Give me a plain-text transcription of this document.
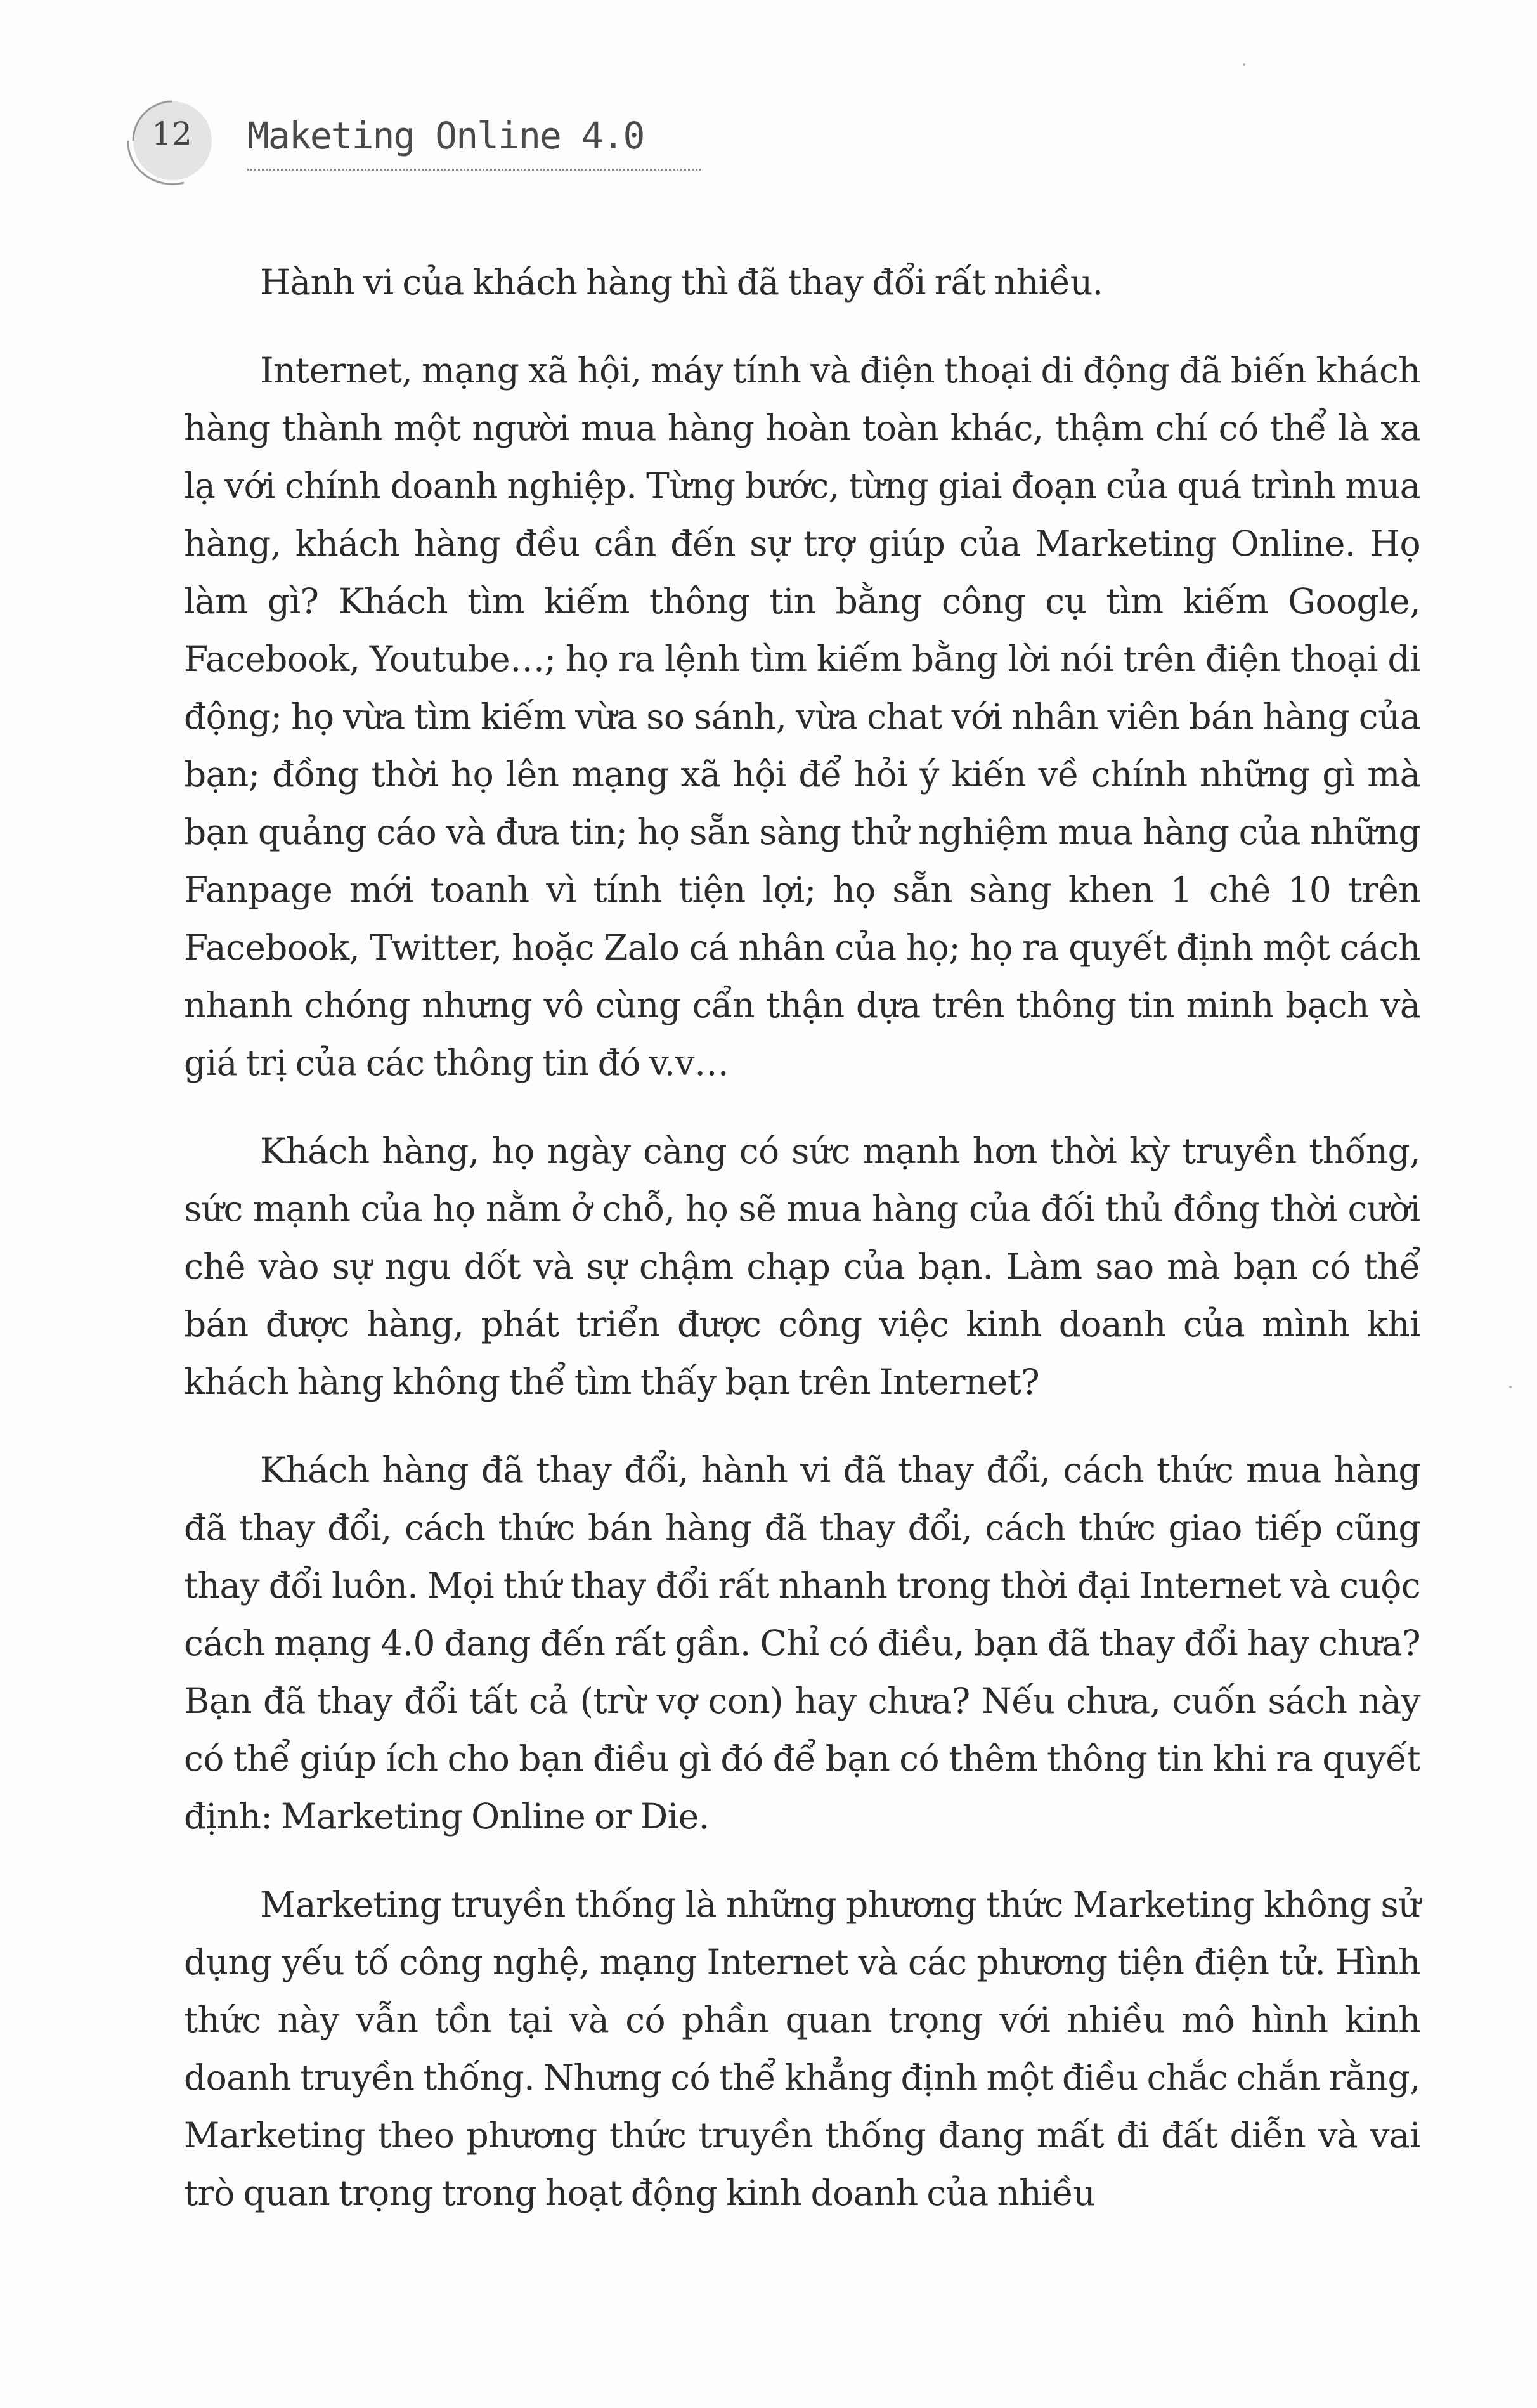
12	Maketing Online 4.0

Hành vi của khách hàng thì đã thay đổi rất nhiều.

Internet, mạng xã hội, máy tính và điện thoại di động đã biến khách hàng thành một người mua hàng hoàn toàn khác, thậm chí có thể là xa lạ với chính doanh nghiệp. Từng bước, từng giai đoạn của quá trình mua hàng, khách hàng đều cần đến sự trợ giúp của Marketing Online. Họ làm gì? Khách tìm kiếm thông tin bằng công cụ tìm kiếm Google, Facebook, Youtube…; họ ra lệnh tìm kiếm bằng lời nói trên điện thoại di động; họ vừa tìm kiếm vừa so sánh, vừa chat với nhân viên bán hàng của bạn; đồng thời họ lên mạng xã hội để hỏi ý kiến về chính những gì mà bạn quảng cáo và đưa tin; họ sẵn sàng thử nghiệm mua hàng của những Fanpage mới toanh vì tính tiện lợi; họ sẵn sàng khen 1 chê 10 trên Facebook, Twitter, hoặc Zalo cá nhân của họ; họ ra quyết định một cách nhanh chóng nhưng vô cùng cẩn thận dựa trên thông tin minh bạch và giá trị của các thông tin đó v.v…

Khách hàng, họ ngày càng có sức mạnh hơn thời kỳ truyền thống, sức mạnh của họ nằm ở chỗ, họ sẽ mua hàng của đối thủ đồng thời cười chê vào sự ngu dốt và sự chậm chạp của bạn. Làm sao mà bạn có thể bán được hàng, phát triển được công việc kinh doanh của mình khi khách hàng không thể tìm thấy bạn trên Internet?

Khách hàng đã thay đổi, hành vi đã thay đổi, cách thức mua hàng đã thay đổi, cách thức bán hàng đã thay đổi, cách thức giao tiếp cũng thay đổi luôn. Mọi thứ thay đổi rất nhanh trong thời đại Internet và cuộc cách mạng 4.0 đang đến rất gần. Chỉ có điều, bạn đã thay đổi hay chưa? Bạn đã thay đổi tất cả (trừ vợ con) hay chưa? Nếu chưa, cuốn sách này có thể giúp ích cho bạn điều gì đó để bạn có thêm thông tin khi ra quyết định: Marketing Online or Die.

Marketing truyền thống là những phương thức Marketing không sử dụng yếu tố công nghệ, mạng Internet và các phương tiện điện tử. Hình thức này vẫn tồn tại và có phần quan trọng với nhiều mô hình kinh doanh truyền thống. Nhưng có thể khẳng định một điều chắc chắn rằng, Marketing theo phương thức truyền thống đang mất đi đất diễn và vai trò quan trọng trong hoạt động kinh doanh của nhiều
